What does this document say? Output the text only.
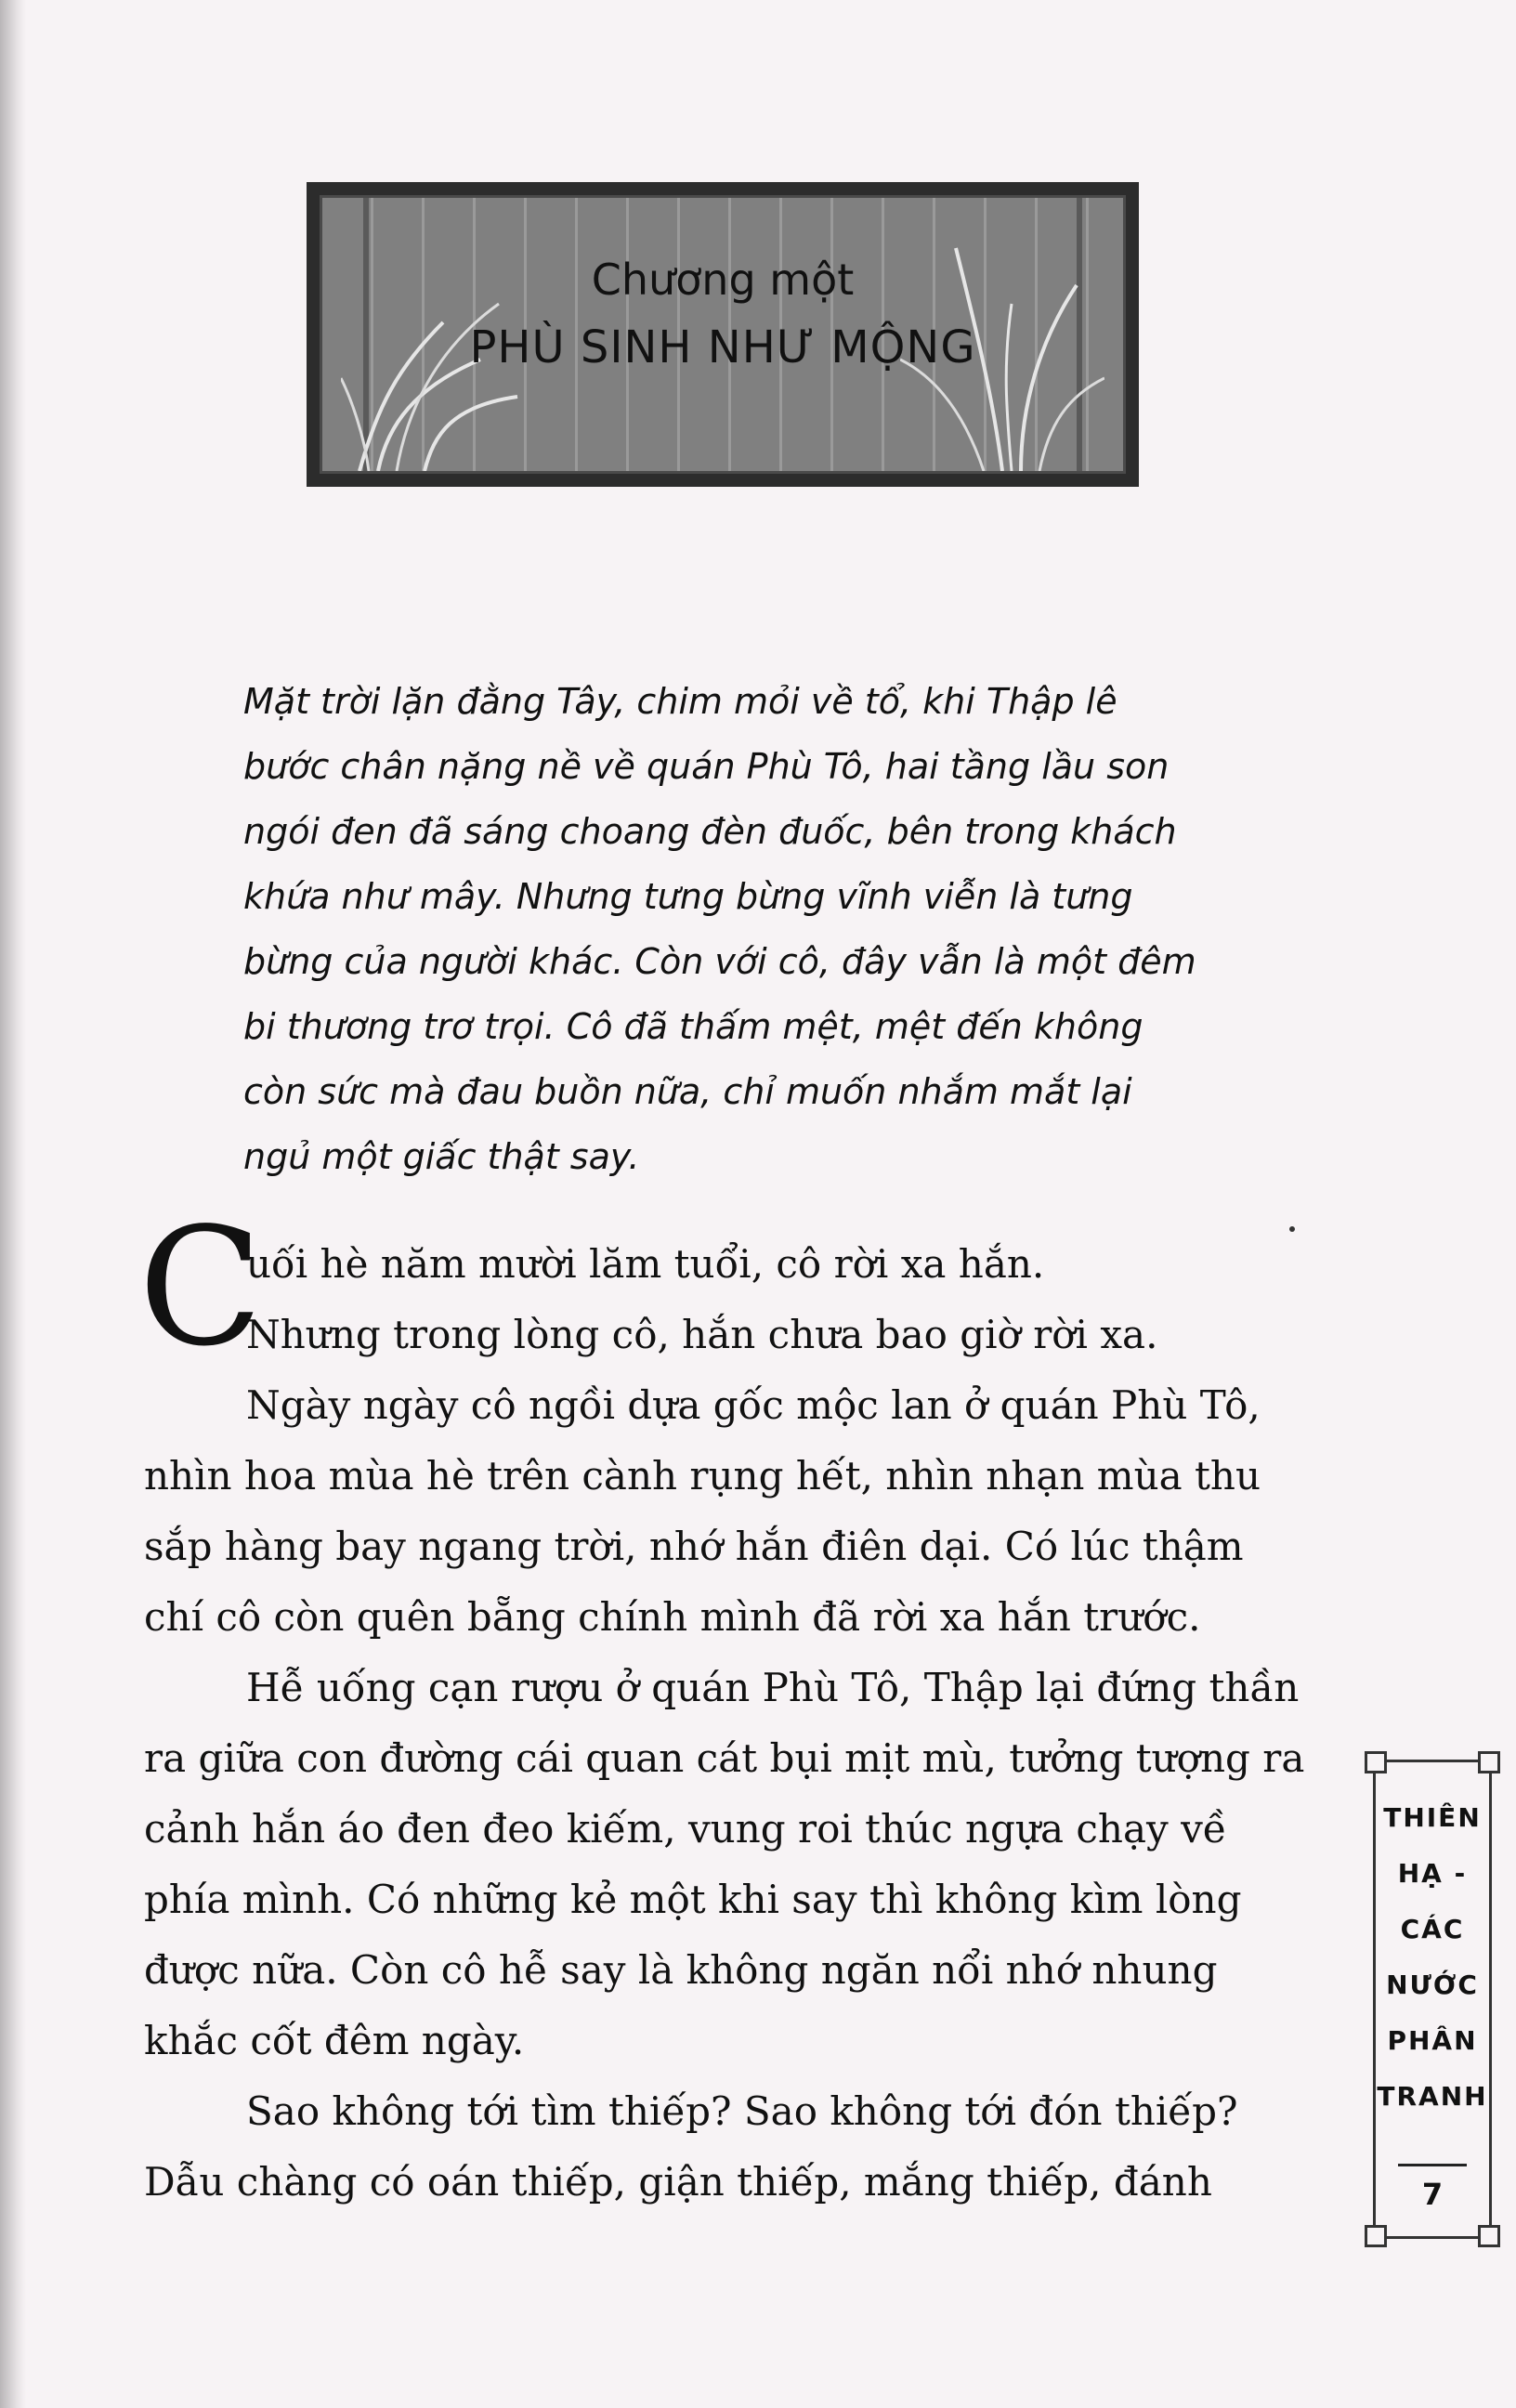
Chương một
PHÙ SINH NHƯ MỘNG

Mặt trời lặn đằng Tây, chim mỏi về tổ, khi Thập lê

bước chân nặng nề về quán Phù Tô, hai tầng lầu son

ngói đen đã sáng choang đèn đuốc, bên trong khách

khứa như mây. Nhưng tưng bừng vĩnh viễn là tưng

bừng của người khác. Còn với cô, đây vẫn là một đêm

bi thương trơ trọi. Cô đã thấm mệt, mệt đến không

còn sức mà đau buồn nữa, chỉ muốn nhắm mắt lại

ngủ một giấc thật say.

C

uối hè năm mười lăm tuổi, cô rời xa hắn.

Nhưng trong lòng cô, hắn chưa bao giờ rời xa.

Ngày ngày cô ngồi dựa gốc mộc lan ở quán Phù Tô, nhìn hoa mùa hè trên cành rụng hết, nhìn nhạn mùa thu sắp hàng bay ngang trời, nhớ hắn điên dại. Có lúc thậm chí cô còn quên bẵng chính mình đã rời xa hắn trước.

Hễ uống cạn rượu ở quán Phù Tô, Thập lại đứng thần ra giữa con đường cái quan cát bụi mịt mù, tưởng tượng ra cảnh hắn áo đen đeo kiếm, vung roi thúc ngựa chạy về phía mình. Có những kẻ một khi say thì không kìm lòng được nữa. Còn cô hễ say là không ngăn nổi nhớ nhung khắc cốt đêm ngày.

Sao không tới tìm thiếp? Sao không tới đón thiếp? Dẫu chàng có oán thiếp, giận thiếp, mắng thiếp, đánh

THIÊN
HẠ -
CÁC
NƯỚC
PHÂN
TRANH
7
